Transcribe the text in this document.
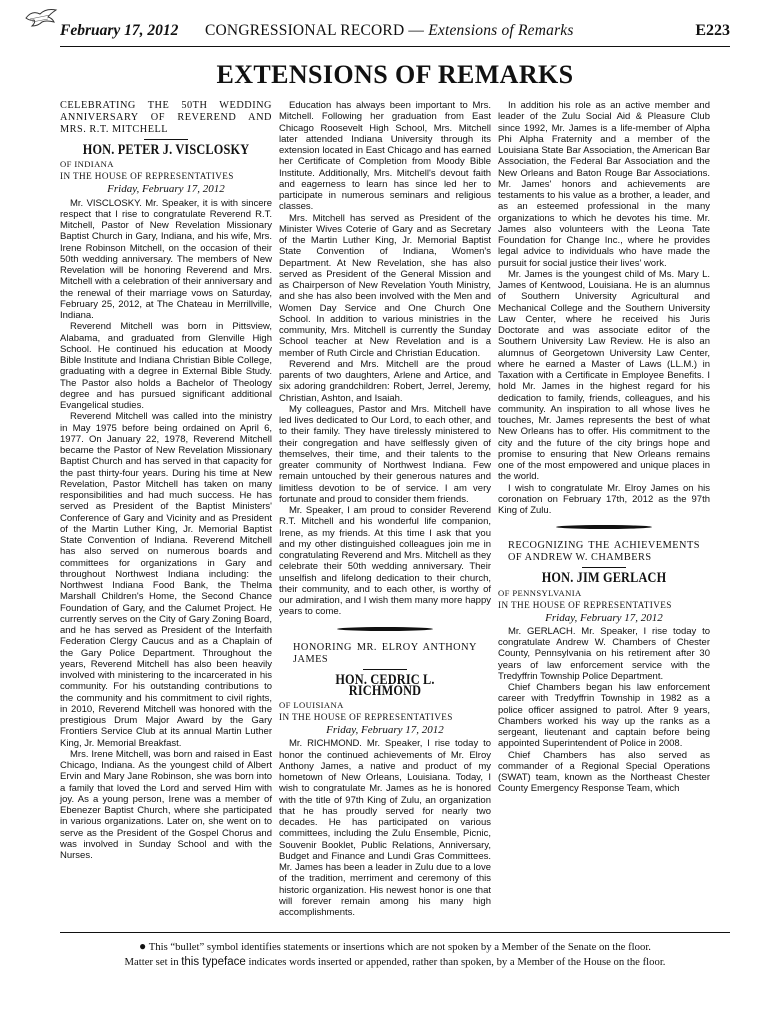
February 17, 2012 CONGRESSIONAL RECORD — Extensions of Remarks	E223
EXTENSIONS OF REMARKS

CELEBRATING THE 50TH WEDDING ANNIVERSARY OF REVEREND AND MRS. R.T. MITCHELL

HON. PETER J. VISCLOSKY

OF INDIANA

IN THE HOUSE OF REPRESENTATIVES

Friday, February 17, 2012

Mr. VISCLOSKY. Mr. Speaker, it is with sincere respect that I rise to congratulate Reverend R.T. Mitchell, Pastor of New Revelation Missionary Baptist Church in Gary, Indiana, and his wife, Mrs. Irene Robinson Mitchell, on the occasion of their 50th wedding anniversary. The members of New Revelation will be honoring Reverend and Mrs. Mitchell with a celebration of their anniversary and the renewal of their marriage vows on Saturday, February 25, 2012, at The Chateau in Merrillville, Indiana.

Reverend Mitchell was born in Pittsview, Alabama, and graduated from Glenville High School. He continued his education at Moody Bible Institute and Indiana Christian Bible College, graduating with a degree in External Bible Study. The Pastor also holds a Bachelor of Theology degree and has pursued significant additional Evangelical studies.

Reverend Mitchell was called into the ministry in May 1975 before being ordained on April 6, 1977. On January 22, 1978, Reverend Mitchell became the Pastor of New Revelation Missionary Baptist Church and has served in that capacity for the past thirty-four years. During his time at New Revelation, Pastor Mitchell has taken on many responsibilities and had much success. He has served as President of the Baptist Ministers' Conference of Gary and Vicinity and as President of the Martin Luther King, Jr. Memorial Baptist State Convention of Indiana. Reverend Mitchell has also served on numerous boards and committees for organizations in Gary and throughout Northwest Indiana including: the Northwest Indiana Food Bank, the Thelma Marshall Children's Home, the Second Chance Foundation of Gary, and the Calumet Project. He currently serves on the City of Gary Zoning Board, and he has served as President of the Interfaith Federation Clergy Caucus and as a Chaplain of the Gary Police Department. Throughout the years, Reverend Mitchell has also been heavily involved with ministering to the incarcerated in his community. For his outstanding contributions to the community and his commitment to civil rights, in 2010, Reverend Mitchell was honored with the prestigious Drum Major Award by the Gary Frontiers Service Club at its annual Martin Luther King, Jr. Memorial Breakfast.

Mrs. Irene Mitchell, was born and raised in East Chicago, Indiana. As the youngest child of Albert Ervin and Mary Jane Robinson, she was born into a family that loved the Lord and served Him with joy. As a young person, Irene was a member of Ebenezer Baptist Church, where she participated in various organizations. Later on, she went on to serve as the President of the Gospel Chorus and was involved in Sunday School and with the Nurses.

Education has always been important to Mrs. Mitchell. Following her graduation from East Chicago Roosevelt High School, Mrs. Mitchell later attended Indiana University through its extension located in East Chicago and has earned her Certificate of Completion from Moody Bible Institute. Additionally, Mrs. Mitchell's devout faith and eagerness to learn has since led her to participate in numerous seminars and religious classes.

Mrs. Mitchell has served as President of the Minister Wives Coterie of Gary and as Secretary of the Martin Luther King, Jr. Memorial Baptist State Convention of Indiana, Women's Department. At New Revelation, she has also served as President of the General Mission and as Chairperson of New Revelation Youth Ministry, and she has also been involved with the Men and Women Day Service and One Church One School. In addition to various ministries in the community, Mrs. Mitchell is currently the Sunday School teacher at New Revelation and is a member of Ruth Circle and Christian Education.

Reverend and Mrs. Mitchell are the proud parents of two daughters, Arlene and Artice, and six adoring grandchildren: Robert, Jerrel, Jeremy, Christian, Ashton, and Isaiah.

My colleagues, Pastor and Mrs. Mitchell have led lives dedicated to Our Lord, to each other, and to their family. They have tirelessly ministered to their congregation and have selflessly given of themselves, their time, and their talents to the greater community of Northwest Indiana. Few remain untouched by their generous natures and limitless devotion to be of service. I am very fortunate and proud to consider them friends.

Mr. Speaker, I am proud to consider Reverend R.T. Mitchell and his wonderful life companion, Irene, as my friends. At this time I ask that you and my other distinguished colleagues join me in congratulating Reverend and Mrs. Mitchell as they celebrate their 50th wedding anniversary. Their unselfish and lifelong dedication to their church, their community, and to each other, is worthy of our admiration, and I wish them many more happy years to come.

HONORING MR. ELROY ANTHONY JAMES

HON. CEDRIC L. RICHMOND

OF LOUISIANA

IN THE HOUSE OF REPRESENTATIVES

Friday, February 17, 2012

Mr. RICHMOND. Mr. Speaker, I rise today to honor the continued achievements of Mr. Elroy Anthony James, a native and product of my hometown of New Orleans, Louisiana. Today, I wish to congratulate Mr. James as he is honored with the title of 97th King of Zulu, an organization that he has proudly served for nearly two decades. He has participated on various committees, including the Zulu Ensemble, Picnic, Souvenir Booklet, Public Relations, Anniversary, Budget and Finance and Lundi Gras Committees. Mr. James has been a leader in Zulu due to a love of the tradition, merriment and ceremony of this historic organization. His newest honor is one that will forever remain among his many high accomplishments.

In addition his role as an active member and leader of the Zulu Social Aid & Pleasure Club since 1992, Mr. James is a life-member of Alpha Phi Alpha Fraternity and a member of the Louisiana State Bar Association, the American Bar Association, the Federal Bar Association and the New Orleans and Baton Rouge Bar Associations. Mr. James' honors and achievements are testaments to his value as a brother, a leader, and as an esteemed professional in the many organizations to which he devotes his time. Mr. James also volunteers with the Leona Tate Foundation for Change Inc., where he provides legal advice to individuals who have made the pursuit for social justice their lives' work.

Mr. James is the youngest child of Ms. Mary L. James of Kentwood, Louisiana. He is an alumnus of Southern University Agricultural and Mechanical College and the Southern University Law Center, where he received his Juris Doctorate and was associate editor of the Southern University Law Review. He is also an alumnus of Georgetown University Law Center, where he earned a Master of Laws (LL.M.) in Taxation with a Certificate in Employee Benefits. I hold Mr. James in the highest regard for his dedication to family, friends, colleagues, and his community. An inspiration to all whose lives he touches, Mr. James represents the best of what New Orleans has to offer. His commitment to the city and the future of the city brings hope and promise to ensuring that New Orleans remains one of the most empowered and unique places in the world.

I wish to congratulate Mr. Elroy James on his coronation on February 17th, 2012 as the 97th King of Zulu.

RECOGNIZING THE ACHIEVEMENTS OF ANDREW W. CHAMBERS

HON. JIM GERLACH

OF PENNSYLVANIA

IN THE HOUSE OF REPRESENTATIVES

Friday, February 17, 2012

Mr. GERLACH. Mr. Speaker, I rise today to congratulate Andrew W. Chambers of Chester County, Pennsylvania on his retirement after 30 years of law enforcement service with the Tredyffrin Township Police Department.

Chief Chambers began his law enforcement career with Tredyffrin Township in 1982 as a police officer assigned to patrol. After 9 years, Chambers worked his way up the ranks as a sergeant, lieutenant and captain before being appointed Superintendent of Police in 2008.

Chief Chambers has also served as commander of a Regional Special Operations (SWAT) team, known as the Northeast Chester County Emergency Response Team, which

● This “bullet” symbol identifies statements or insertions which are not spoken by a Member of the Senate on the floor.
Matter set in this typeface indicates words inserted or appended, rather than spoken, by a Member of the House on the floor.
